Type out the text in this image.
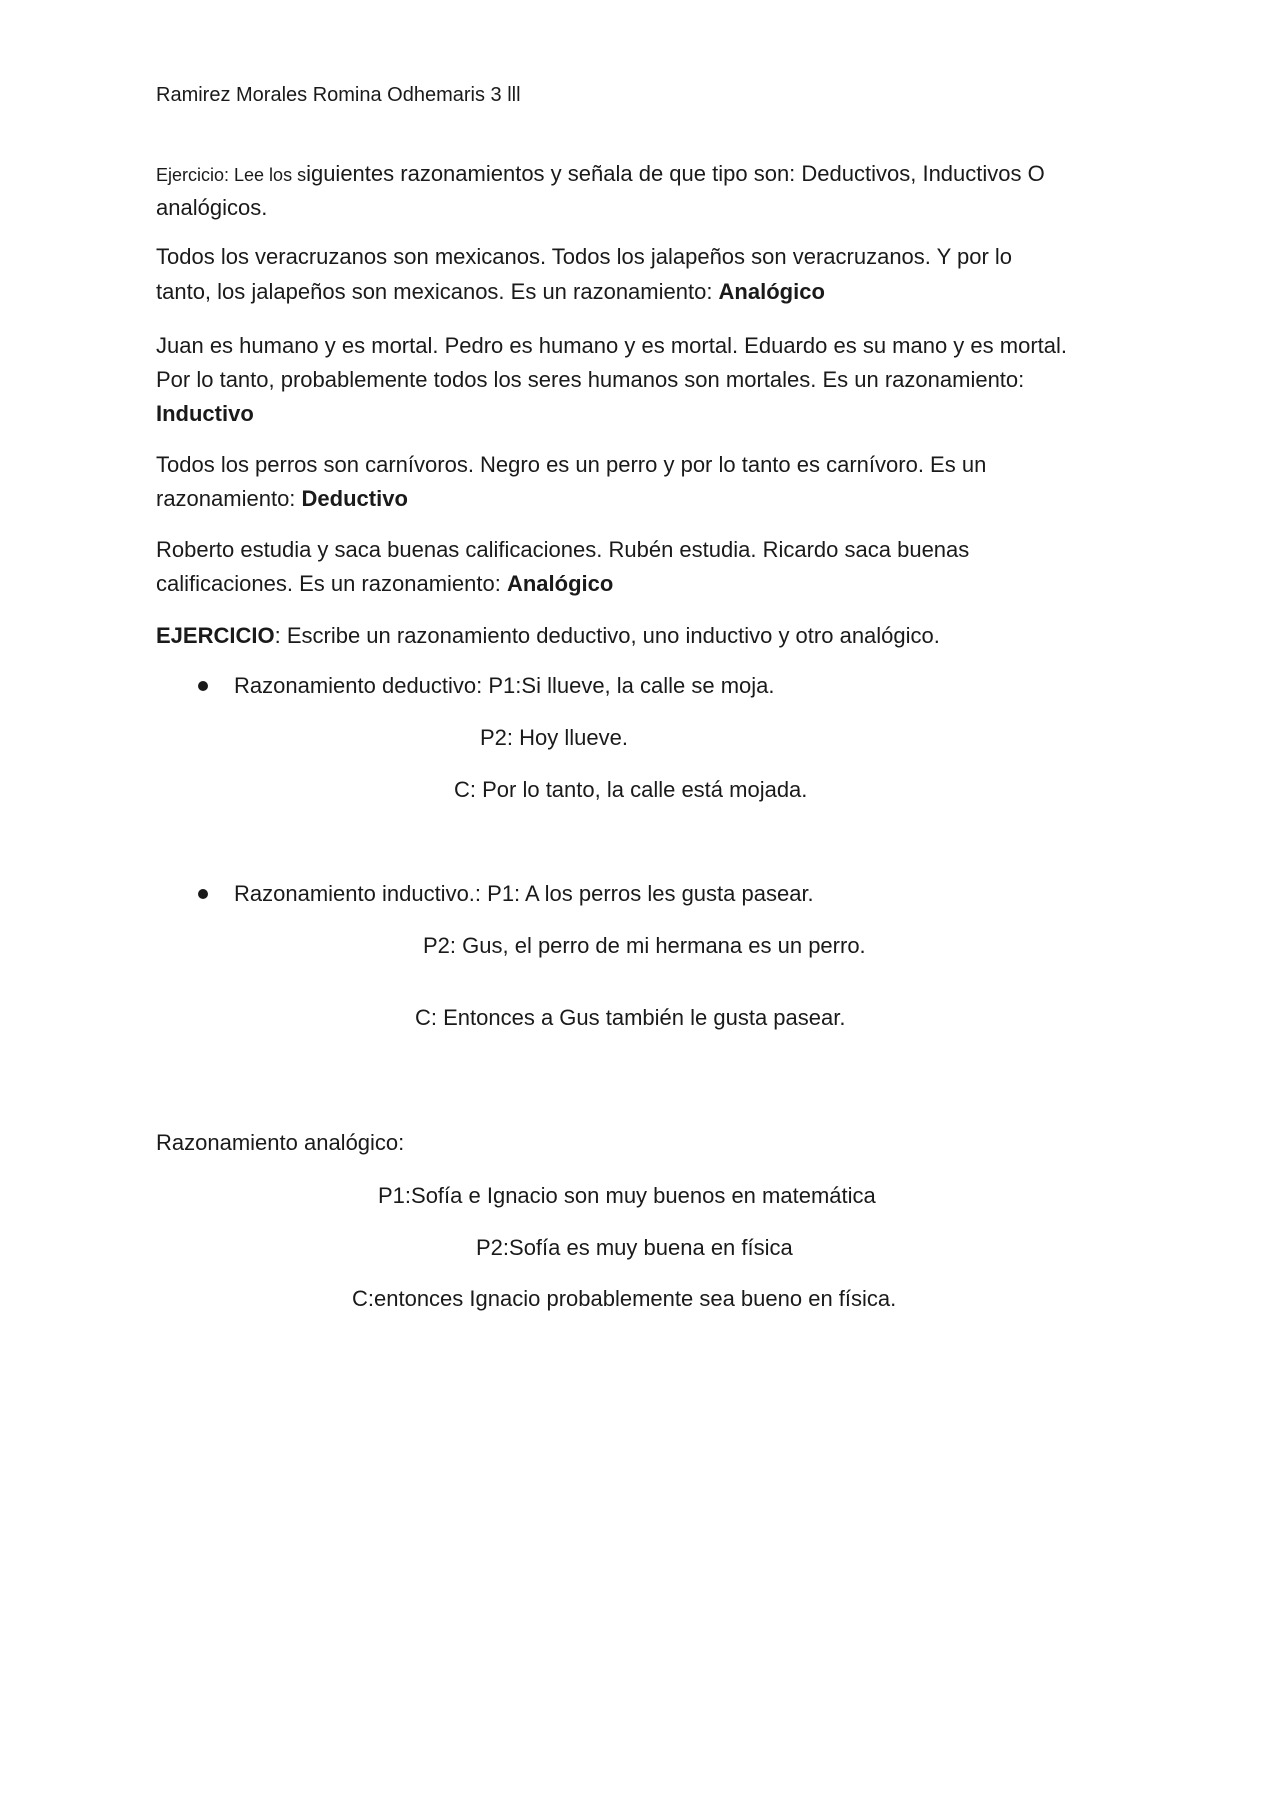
Ramirez Morales Romina Odhemaris 3 lll
Ejercicio: Lee los siguientes razonamientos y señala de que tipo son: Deductivos, Inductivos O
analógicos.
Todos los veracruzanos son mexicanos. Todos los jalapeños son veracruzanos. Y por lo
tanto, los jalapeños son mexicanos. Es un razonamiento: Analógico
Juan es humano y es mortal. Pedro es humano y es mortal. Eduardo es su mano y es mortal.
Por lo tanto, probablemente todos los seres humanos son mortales. Es un razonamiento:
Inductivo
Todos los perros son carnívoros. Negro es un perro y por lo tanto es carnívoro. Es un
razonamiento: Deductivo
Roberto estudia y saca buenas calificaciones. Rubén estudia. Ricardo saca buenas
calificaciones. Es un razonamiento: Analógico
EJERCICIO: Escribe un razonamiento deductivo, uno inductivo y otro analógico.
Razonamiento deductivo: P1:Si llueve, la calle se moja.
P2: Hoy llueve.
C: Por lo tanto, la calle está mojada.
Razonamiento inductivo.: P1: A los perros les gusta pasear.
P2: Gus, el perro de mi hermana es un perro.
C: Entonces a Gus también le gusta pasear.
Razonamiento analógico:
P1:Sofía e Ignacio son muy buenos en matemática
P2:Sofía es muy buena en física
C:entonces Ignacio probablemente sea bueno en física.
